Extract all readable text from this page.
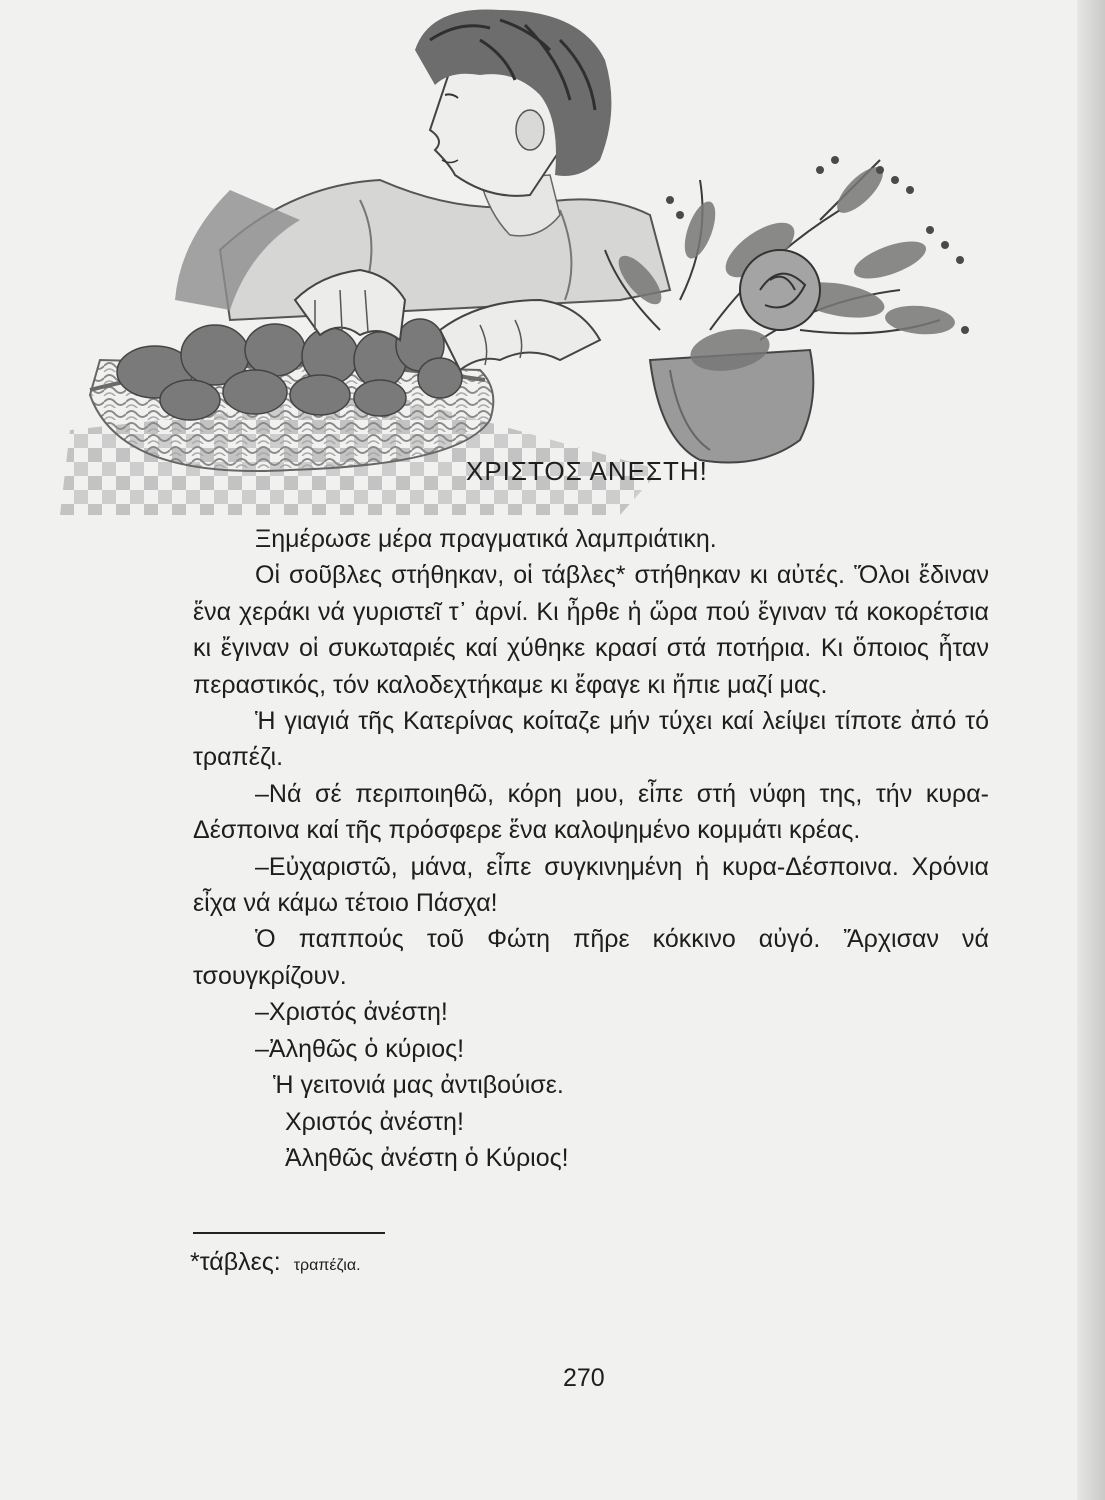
ΧΡΙΣΤΟΣ ΑΝΕΣΤΗ!

Ξημέρωσε μέρα πραγματικά λαμπριάτικη.

Οἱ σοῦβλες στήθηκαν, οἱ τάβλες* στήθηκαν κι αὐτές. Ὅλοι ἔδιναν ἕνα χεράκι νά γυριστεῖ τ᾽ ἀρνί. Κι ἦρθε ἡ ὥρα πού ἔγιναν τά κοκορέτσια κι ἔγιναν οἱ συκωταριές καί χύθηκε κρασί στά ποτήρια. Κι ὅποιος ἦταν περαστικός, τόν καλοδεχτήκαμε κι ἔφαγε κι ἤπιε μαζί μας.

Ἡ γιαγιά τῆς Κατερίνας κοίταζε μήν τύχει καί λείψει τίποτε ἀπό τό τραπέζι.

–Νά σέ περιποιηθῶ, κόρη μου, εἶπε στή νύφη της, τήν κυρα-Δέσποινα καί τῆς πρόσφερε ἕνα καλοψημένο κομμάτι κρέας.

–Εὐχαριστῶ, μάνα, εἶπε συγκινημένη ἡ κυρα-Δέσποινα. Χρόνια εἶχα νά κάμω τέτοιο Πάσχα!

Ὁ παππούς τοῦ Φώτη πῆρε κόκκινο αὐγό. Ἄρχισαν νά τσουγκρίζουν.

–Χριστός ἀνέστη!

–Ἀληθῶς ὁ κύριος!

Ἡ γειτονιά μας ἀντιβούισε.

Χριστός ἀνέστη!

Ἀληθῶς ἀνέστη ὁ Κύριος!

*τάβλες: τραπέζια.
270
